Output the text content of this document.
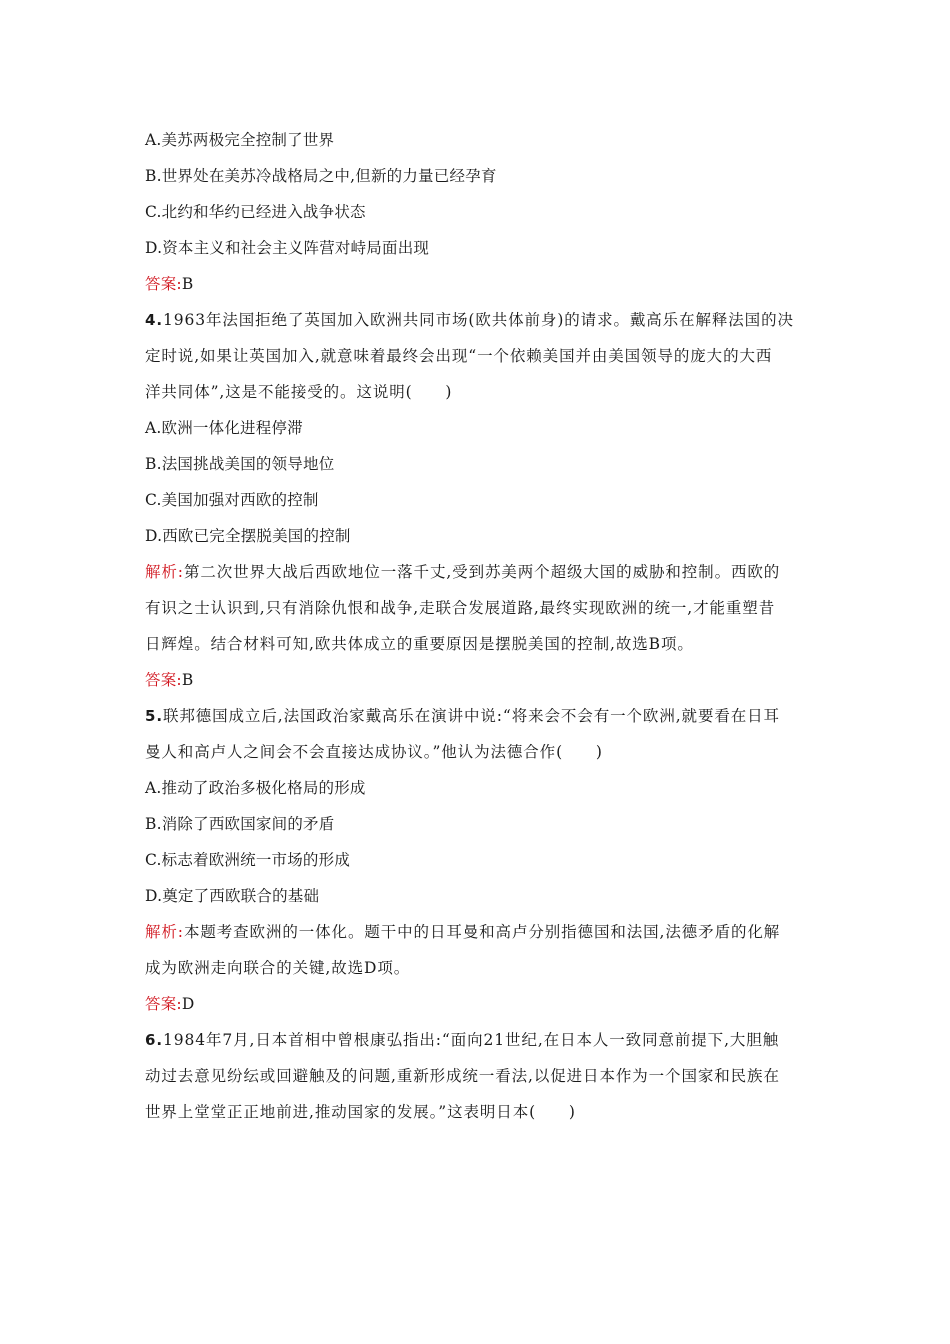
A.美苏两极完全控制了世界
B.世界处在美苏冷战格局之中,但新的力量已经孕育
C.北约和华约已经进入战争状态
D.资本主义和社会主义阵营对峙局面出现
答案:B
4.1963年法国拒绝了英国加入欧洲共同市场(欧共体前身)的请求。戴高乐在解释法国的决
定时说,如果让英国加入,就意味着最终会出现“一个依赖美国并由美国领导的庞大的大西
洋共同体”,这是不能接受的。这说明(　　)
A.欧洲一体化进程停滞
B.法国挑战美国的领导地位
C.美国加强对西欧的控制
D.西欧已完全摆脱美国的控制
解析:第二次世界大战后西欧地位一落千丈,受到苏美两个超级大国的威胁和控制。西欧的
有识之士认识到,只有消除仇恨和战争,走联合发展道路,最终实现欧洲的统一,才能重塑昔
日辉煌。结合材料可知,欧共体成立的重要原因是摆脱美国的控制,故选B项。
答案:B
5.联邦德国成立后,法国政治家戴高乐在演讲中说:“将来会不会有一个欧洲,就要看在日耳
曼人和高卢人之间会不会直接达成协议。”他认为法德合作(　　)
A.推动了政治多极化格局的形成
B.消除了西欧国家间的矛盾
C.标志着欧洲统一市场的形成
D.奠定了西欧联合的基础
解析:本题考查欧洲的一体化。题干中的日耳曼和高卢分别指德国和法国,法德矛盾的化解
成为欧洲走向联合的关键,故选D项。
答案:D
6.1984年7月,日本首相中曾根康弘指出:“面向21世纪,在日本人一致同意前提下,大胆触
动过去意见纷纭或回避触及的问题,重新形成统一看法,以促进日本作为一个国家和民族在
世界上堂堂正正地前进,推动国家的发展。”这表明日本(　　)
